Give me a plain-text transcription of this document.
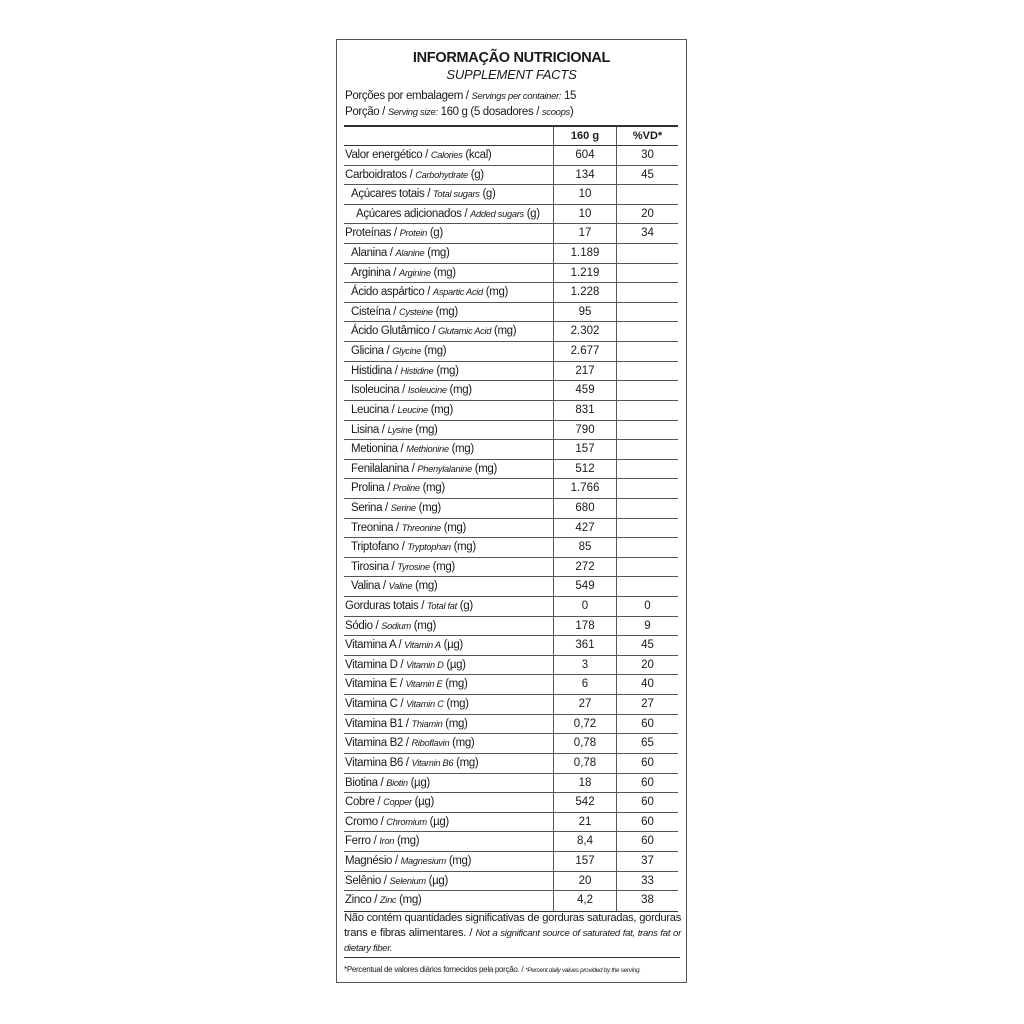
INFORMAÇÃO NUTRICIONAL
SUPPLEMENT FACTS
Porções por embalagem / Servings per container: 15
Porção / Serving size: 160 g (5 dosadores / scoops)
160 g	%VD*
Valor energético / Calories (kcal)	604	30
Carboidratos / Carbohydrate (g)	134	45
Açúcares totais / Total sugars (g)	10
Açúcares adicionados / Added sugars (g)	10	20
Proteínas / Protein (g)	17	34
Alanina / Alanine (mg)	1.189
Arginina / Arginine (mg)	1.219
Ácido aspártico / Aspartic Acid (mg)	1.228
Cisteína / Cysteine (mg)	95
Ácido Glutâmico / Glutamic Acid (mg)	2.302
Glicina / Glycine (mg)	2.677
Histidina / Histidine (mg)	217
Isoleucina / Isoleucine (mg)	459
Leucina / Leucine (mg)	831
Lisina / Lysine (mg)	790
Metionina / Methionine (mg)	157
Fenilalanina / Phenylalanine (mg)	512
Prolina / Proline (mg)	1.766
Serina / Serine (mg)	680
Treonina / Threonine (mg)	427
Triptofano / Tryptophan (mg)	85
Tirosina / Tyrosine (mg)	272
Valina / Valine (mg)	549
Gorduras totais / Total fat (g)	0	0
Sódio / Sodium (mg)	178	9
Vitamina A / Vitamin A (µg)	361	45
Vitamina D / Vitamin D (µg)	3	20
Vitamina E / Vitamin E (mg)	6	40
Vitamina C / Vitamin C (mg)	27	27
Vitamina B1 / Thiamin (mg)	0,72	60
Vitamina B2 / Riboflavin (mg)	0,78	65
Vitamina B6 / Vitamin B6 (mg)	0,78	60
Biotina / Biotin (µg)	18	60
Cobre / Copper (µg)	542	60
Cromo / Chromium (µg)	21	60
Ferro / Iron (mg)	8,4	60
Magnésio / Magnesium (mg)	157	37
Selênio / Selenium (µg)	20	33
Zinco / Zinc (mg)	4,2	38
Não contém quantidades significativas de gorduras saturadas, gorduras trans e fibras alimentares. / Not a significant source of saturated fat, trans fat or dietary fiber.
*Percentual de valores diários fornecidos pela porção. / *Percent daily values provided by the serving.
